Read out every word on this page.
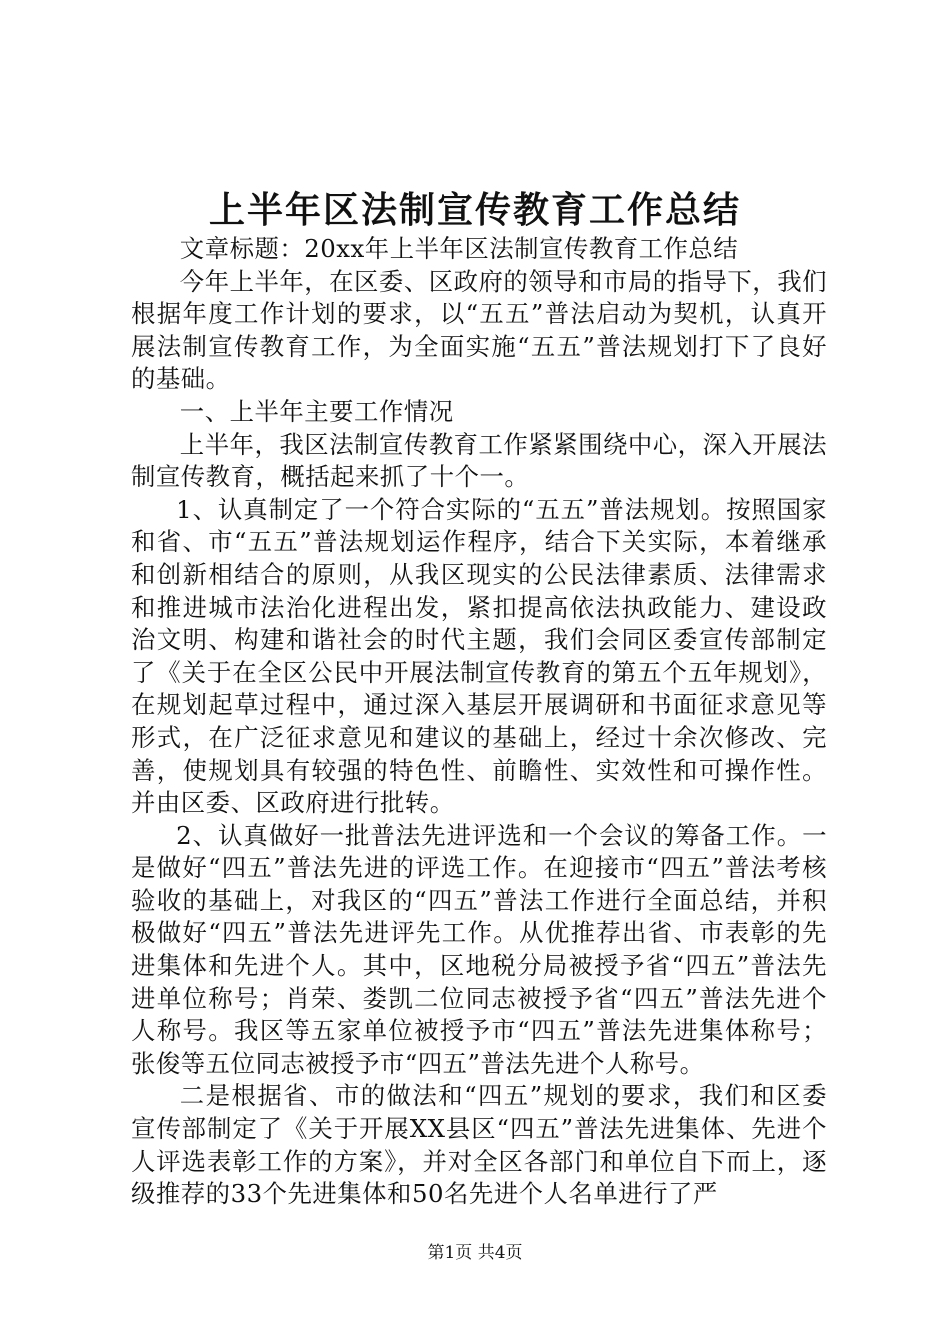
上半年区法制宣传教育工作总结

文章标题：20xx年上半年区法制宣传教育工作总结

今年上半年，在区委、区政府的领导和市局的指导下，我们根据年度工作计划的要求，以“五五”普法启动为契机，认真开展法制宣传教育工作，为全面实施“五五”普法规划打下了良好的基础。

一、上半年主要工作情况

上半年，我区法制宣传教育工作紧紧围绕中心，深入开展法制宣传教育，概括起来抓了十个一。

1、认真制定了一个符合实际的“五五”普法规划。按照国家和省、市“五五”普法规划运作程序，结合下关实际，本着继承和创新相结合的原则，从我区现实的公民法律素质、法律需求和推进城市法治化进程出发，紧扣提高依法执政能力、建设政治文明、构建和谐社会的时代主题，我们会同区委宣传部制定了《关于在全区公民中开展法制宣传教育的第五个五年规划》，在规划起草过程中，通过深入基层开展调研和书面征求意见等形式，在广泛征求意见和建议的基础上，经过十余次修改、完善，使规划具有较强的特色性、前瞻性、实效性和可操作性。并由区委、区政府进行批转。

2、认真做好一批普法先进评选和一个会议的筹备工作。一是做好“四五”普法先进的评选工作。在迎接市“四五”普法考核验收的基础上，对我区的“四五”普法工作进行全面总结，并积极做好“四五”普法先进评先工作。从优推荐出省、市表彰的先进集体和先进个人。其中，区地税分局被授予省“四五”普法先进单位称号；肖荣、娄凯二位同志被授予省“四五”普法先进个人称号。我区等五家单位被授予市“四五”普法先进集体称号；张俊等五位同志被授予市“四五”普法先进个人称号。

二是根据省、市的做法和“四五”规划的要求，我们和区委宣传部制定了《关于开展XX县区“四五”普法先进集体、先进个人评选表彰工作的方案》，并对全区各部门和单位自下而上，逐级推荐的33个先进集体和50名先进个人名单进行了严

第1页 共4页
